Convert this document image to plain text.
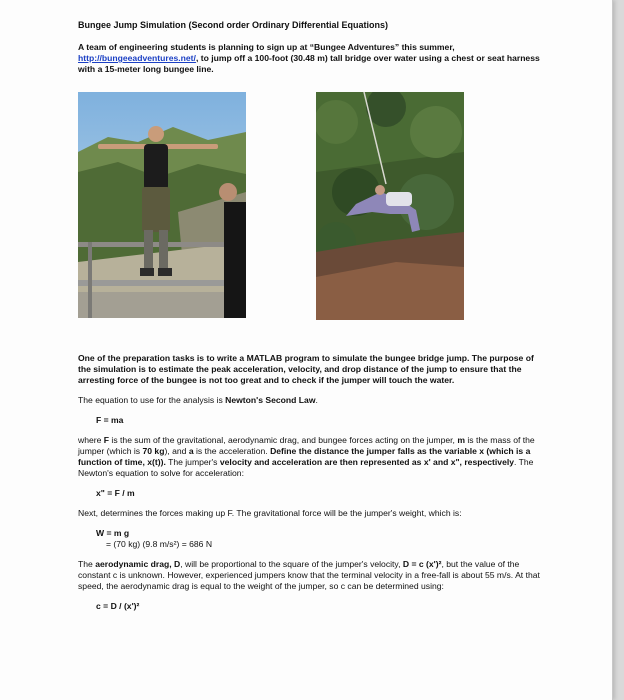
Bungee Jump Simulation (Second order Ordinary Differential Equations)

A team of engineering students is planning to sign up at “Bungee Adventures” this summer, http://bungeeadventures.net/, to jump off a 100-foot (30.48 m) tall bridge over water using a chest or seat harness with a 15-meter long bungee line.

One of the preparation tasks is to write a MATLAB program to simulate the bungee bridge jump. The purpose of the simulation is to estimate the peak acceleration, velocity, and drop distance of the jump to ensure that the arresting force of the bungee is not too great and to check if the jumper will touch the water.

The equation to use for the analysis is Newton's Second Law.

F = ma

where F is the sum of the gravitational, aerodynamic drag, and bungee forces acting on the jumper, m is the mass of the jumper (which is 70 kg), and a is the acceleration. Define the distance the jumper falls as the variable x (which is a function of time, x(t)). The jumper's velocity and acceleration are then represented as x' and x", respectively. The Newton's equation to solve for acceleration:

x" = F / m

Next, determines the forces making up F. The gravitational force will be the jumper's weight, which is:

W = m g

= (70 kg) (9.8 m/s²) = 686 N

The aerodynamic drag, D, will be proportional to the square of the jumper's velocity, D = c (x')², but the value of the constant c is unknown. However, experienced jumpers know that the terminal velocity in a free-fall is about 55 m/s. At that speed, the aerodynamic drag is equal to the weight of the jumper, so c can be determined using:

c = D / (x')²
